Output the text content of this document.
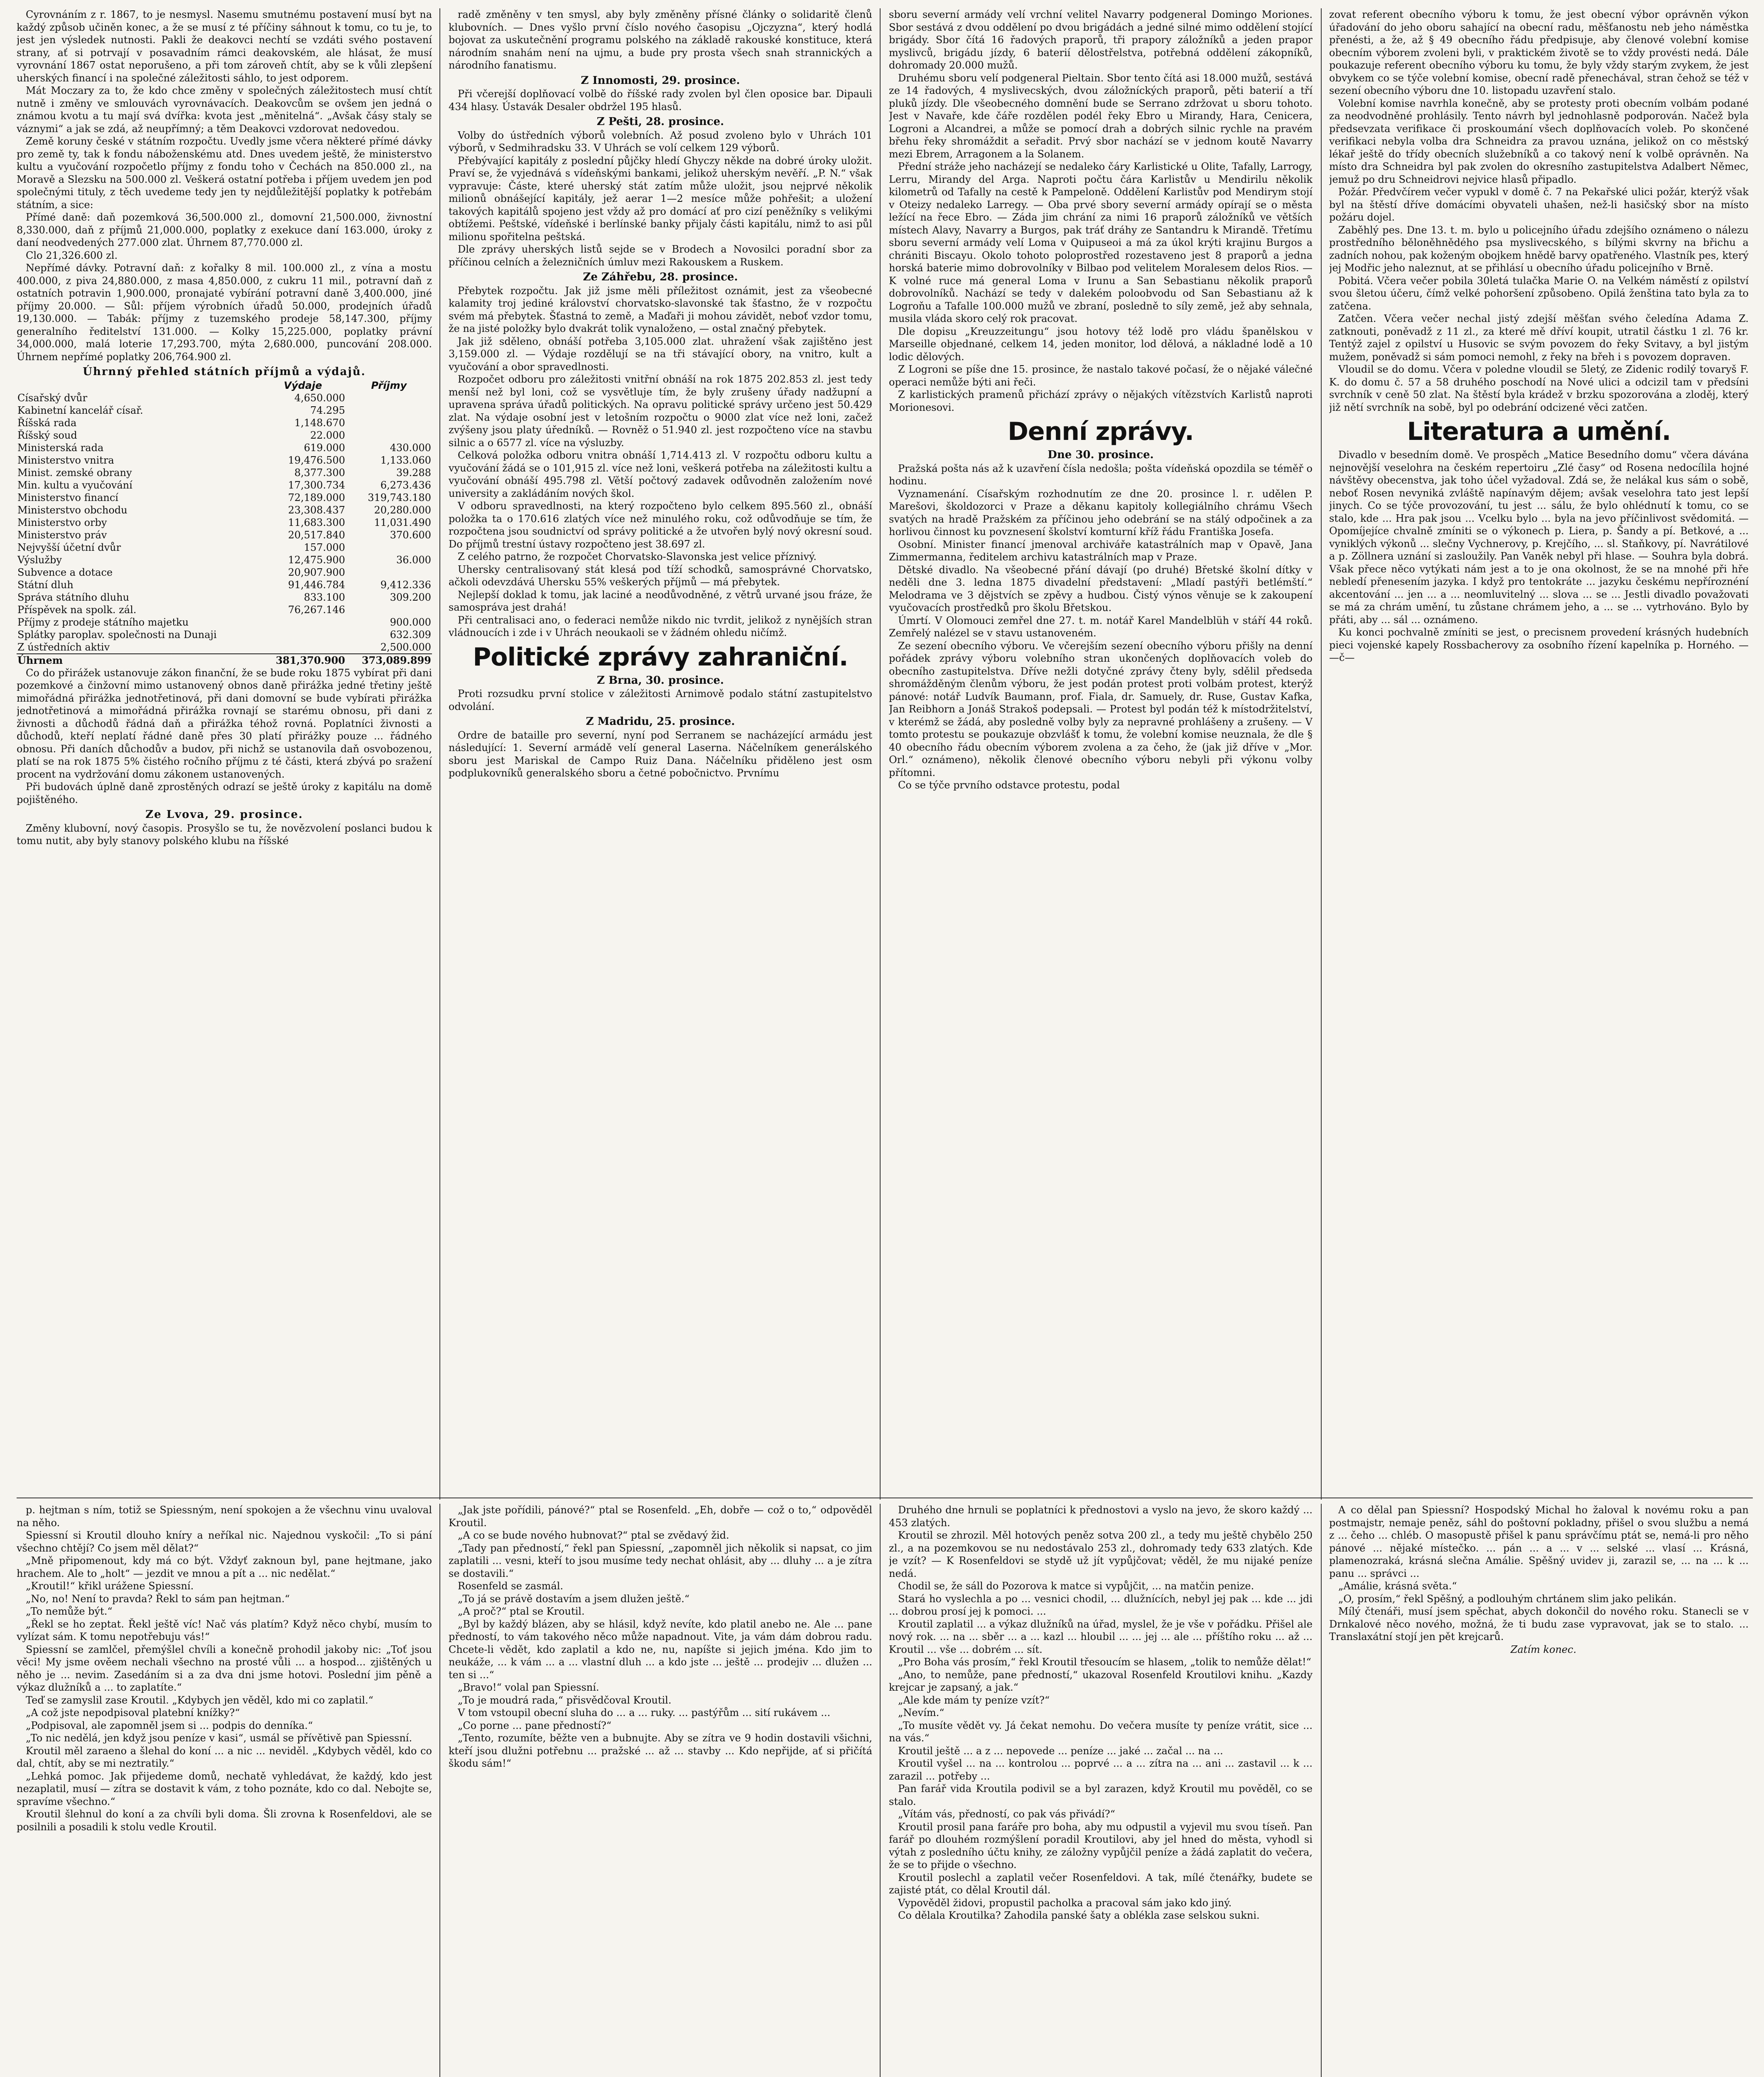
Cyrovnáním z r. 1867, to je nesmysl. Nasemu smutnému postavení musí byt na každý způsob učiněn konec, a že se musí z té příčiny sáhnout k tomu, co tu je, to jest jen výsledek nutnosti. Pakli že deakovci nechtí se vzdáti svého postavení strany, ať si potrvají v posavadním rámci deakovském, ale hlásat, že musí vyrovnání 1867 ostat neporušeno, a při tom zároveň chtít, aby se k vůli zlepšení uherských financí i na společné záležitosti sáhlo, to jest odporem.

Mát Moczary za to, že kdo chce změny v společných záležitostech musí chtít nutně i změny ve smlouvách vyrovnávacích. Deakovcům se ovšem jen jedná o známou kvotu a tu mají svá dvířka: kvota jest „měnitelná“. „Avšak čásy staly se váznymi“ a jak se zdá, až neupřímný; a těm Deakovci vzdorovat nedovedou.

Země koruny české v státním rozpočtu. Uvedly jsme včera některé přímé dávky pro země ty, tak k fondu náboženskému atd. Dnes uvedem ještě, že ministerstvo kultu a vyučování rozpočetlo příjmy z fondu toho v Čechách na 850.000 zl., na Moravě a Slezsku na 500.000 zl. Veškerá ostatní potřeba i příjem uvedem jen pod společnými tituly, z těch uvedeme tedy jen ty nejdůležitější poplatky k potřebám státním, a sice:

Přímé daně: daň pozemková 36,500.000 zl., domovní 21,500.000, živnostní 8,330.000, daň z příjmů 21,000.000, poplatky z exekuce daní 163.000, úroky z daní neodvedených 277.000 zlat. Úhrnem 87,770.000 zl.

Clo 21,326.600 zl.

Nepřímé dávky. Potravní daň: z kořalky 8 mil. 100.000 zl., z vína a mostu 400.000, z piva 24,880.000, z masa 4,850.000, z cukru 11 mil., potravní daň z ostatních potravin 1,900.000, pronajaté vybírání potravní daně 3,400.000, jiné příjmy 20.000. — Sůl: příjem výrobních úřadů 50.000, prodejních úřadů 19,130.000. — Tabák: příjmy z tuzemského prodeje 58,147.300, příjmy generalního ředitelství 131.000. — Kolky 15,225.000, poplatky právní 34,000.000, malá loterie 17,293.700, mýta 2,680.000, puncování 208.000. Úhrnem nepřímé poplatky 206,764.900 zl.

Úhrnný přehled státních příjmů a výdajů.
	Výdaje	Příjmy
Císařský dvůr	4,650.000	
Kabinetní kancelář císař.	74.295	
Říšská rada	1,148.670	
Říšský soud	22.000	
Ministerská rada	619.000	430.000
Ministerstvo vnitra	19,476.500	1,133.060
Minist. zemské obrany	8,377.300	39.288
Min. kultu a vyučování	17,300.734	6,273.436
Ministerstvo financí	72,189.000	319,743.180
Ministerstvo obchodu	23,308.437	20,280.000
Ministerstvo orby	11,683.300	11,031.490
Ministerstvo práv	20,517.840	370.600
Nejvyšší účetní dvůr	157.000	
Výslužby	12,475.900	36.000
Subvence a dotace	20,907.900	
Státní dluh	91,446.784	9,412.336
Správa státního dluhu	833.100	309.200
Příspěvek na spolk. zál.	76,267.146	
Příjmy z prodeje státního majetku		900.000
Splátky paroplav. společnosti na Dunaji		632.309
Z ústředních aktiv		2,500.000
Úhrnem	381,370.900	373,089.899

Co do přirážek ustanovuje zákon finanční, že se bude roku 1875 vybírat při dani pozemkové a činžovní mimo ustanovený obnos daně přirážka jedné třetiny ještě mimořádná přirážka jednotřetinová, při dani domovní se bude vybírati přirážka jednotřetinová a mimořádná přirážka rovnají se starému obnosu, při dani z živnosti a důchodů řádná daň a přirážka téhož rovná. Poplatníci živnosti a důchodů, kteří neplatí řádné daně přes 30 platí přirážky pouze ... řádného obnosu. Při daních důchodův a budov, při nichž se ustanovila daň osvobozenou, platí se na rok 1875 5% čistého ročního příjmu z té části, která zbývá po sražení procent na vydržování domu zákonem ustanovených.

Při budovách úplně daně zprostěných odrazí se ještě úroky z kapitálu na domě pojištěného.

Ze Lvova, 29. prosince.

Změny klubovní, nový časopis. Prosyšlo se tu, že novězvolení poslanci budou k tomu nutit, aby byly stanovy polského klubu na říšské

radě změněny v ten smysl, aby byly změněny přísné články o solidaritě členů klubovních. — Dnes vyšlo první číslo nového časopisu „Ojczyzna“, který hodlá bojovat za uskutečnění programu polského na základě rakouské konstituce, která národním snahám není na ujmu, a bude pry prosta všech snah strannických a národního fanatismu.

Z Innomosti, 29. prosince.

Při včerejší doplňovací volbě do říšské rady zvolen byl člen oposice bar. Dipauli 434 hlasy. Ústavák Desaler obdržel 195 hlasů.

Z Pešti, 28. prosince.

Volby do ústředních výborů volebních. Až posud zvoleno bylo v Uhrách 101 výborů, v Sedmihradsku 33. V Uhrách se volí celkem 129 výborů.

Přebývající kapitály z poslední půjčky hledí Ghyczy někde na dobré úroky uložit. Praví se, že vyjednává s vídeňskými bankami, jelikož uherským nevěří. „P. N.“ však vypravuje: Částe, které uherský stát zatím může uložit, jsou nejprvé několik milionů obnášející kapitály, jež aerar 1—2 mesíce může pohřešit; a uložení takových kapitálů spojeno jest vždy až pro domácí ať pro cizí peněžníky s velikými obtížemi. Peštské, vídeňské i berlínské banky přijaly části kapitálu, nimž to asi půl milionu spořitelna peštská.

Dle zprávy uherských listů sejde se v Brodech a Novosilci poradní sbor za příčinou celních a železničních úmluv mezi Rakouskem a Ruskem.

Ze Záhřebu, 28. prosince.

Přebytek rozpočtu. Jak již jsme měli příležitost oznámit, jest za všeobecné kalamity troj jediné království chorvatsko-slavonské tak šťastno, že v rozpočtu svém má přebytek. Šťastná to země, a Maďaři ji mohou závidět, neboť vzdor tomu, že na jisté položky bylo dvakrát tolik vynaloženo, — ostal značný přebytek.

Jak již sděleno, obnáší potřeba 3,105.000 zlat. uhražení však zajištěno jest 3,159.000 zl. — Výdaje rozdělují se na tři stávající obory, na vnitro, kult a vyučování a obor spravedlnosti.

Rozpočet odboru pro záležitosti vnitřní obnáší na rok 1875 202.853 zl. jest tedy menší než byl loni, což se vysvětluje tím, že byly zrušeny úřady nadžupní a upravena správa úřadů politických. Na opravu politické správy určeno jest 50.429 zlat. Na výdaje osobní jest v letošním rozpočtu o 9000 zlat více než loni, začež zvýšeny jsou platy úředníků. — Rovněž o 51.940 zl. jest rozpočteno více na stavbu silnic a o 6577 zl. více na výsluzby.

Celková položka odboru vnitra obnáší 1,714.413 zl. V rozpočtu odboru kultu a vyučování žádá se o 101,915 zl. více než loni, veškerá potřeba na záležitosti kultu a vyučování obnáší 495.798 zl. Větší počtový zadavek odůvodněn založením nové university a zakládáním nových škol.

V odboru spravedlnosti, na který rozpočteno bylo celkem 895.560 zl., obnáší položka ta o 170.616 zlatých více než minulého roku, což odůvodňuje se tím, že rozpočtena jsou soudnictví od správy politické a že utvořen bylý nový okresní soud. Do příjmů trestní ústavy rozpočteno jest 38.697 zl.

Z celého patrno, že rozpočet Chorvatsko-Slavonska jest velice příznivý.

Uhersky centralisovaný stát klesá pod tíží schodků, samosprávné Chorvatsko, ačkoli odevzdává Uhersku 55% veškerých příjmů — má přebytek.

Nejlepší doklad k tomu, jak laciné a neodůvodněné, z větrů urvané jsou fráze, že samospráva jest drahá!

Při centralisaci ano, o federaci nemůže nikdo nic tvrdit, jelikož z nynějších stran vládnoucích i zde i v Uhrách neoukaoli se v žádném ohledu ničímž.

Politické zprávy zahraniční.
Z Brna, 30. prosince.

Proti rozsudku první stolice v záležitosti Arnimově podalo státní zastupitelstvo odvolání.

Z Madridu, 25. prosince.

Ordre de bataille pro severní, nyní pod Serranem se nacházející armádu jest následující: 1. Severní armádě velí general Laserna. Náčelníkem generálského sboru jest Mariskal de Campo Ruiz Dana. Náčelníku přiděleno jest osm podplukovníků generalského sboru a četné pobočnictvo. Prvnímu

sboru severní armády velí vrchní velitel Navarry podgeneral Domingo Moriones. Sbor sestává z dvou oddělení po dvou brigádách a jedné silné mimo oddělení stojící brigády. Sbor čítá 16 řadových praporů, tři prapory záložníků a jeden prapor myslivců, brigádu jízdy, 6 baterií dělostřelstva, potřebná oddělení zákopníků, dohromady 20.000 mužů.

Druhému sboru velí podgeneral Pieltain. Sbor tento čítá asi 18.000 mužů, sestává ze 14 řadových, 4 myslivecských, dvou záložníckých praporů, pěti baterií a tří pluků jízdy. Dle všeobecného domnění bude se Serrano zdržovat u sboru tohoto. Jest v Navaře, kde čáře rozdělen podél řeky Ebro u Mirandy, Hara, Cenicera, Logroni a Alcandrei, a může se pomocí drah a dobrých silnic rychle na pravém břehu řeky shromáždit a seřadit. Prvý sbor nachází se v jednom koutě Navarry mezi Ebrem, Arragonem a la Solanem.

Přední stráže jeho nacházejí se nedaleko čáry Karlistické u Olite, Tafally, Larrogy, Lerru, Mirandy del Arga. Naproti počtu čára Karlistův u Mendirilu několik kilometrů od Tafally na cestě k Pampeloně. Oddělení Karlistův pod Mendirym stojí v Oteizy nedaleko Larregy. — Oba prvé sbory severní armády opírají se o města ležící na řece Ebro. — Záda jim chrání za nimi 16 praporů záložníků ve větších místech Alavy, Navarry a Burgos, pak tráť dráhy ze Santandru k Mirandě. Třetímu sboru severní armády velí Loma v Quipuseoi a má za úkol krýti krajinu Burgos a chrániti Biscayu. Okolo tohoto poloprostřed rozestaveno jest 8 praporů a jedna horská baterie mimo dobrovolníky v Bilbao pod velitelem Moralesem delos Rios. — K volné ruce má general Loma v Irunu a San Sebastianu několik praporů dobrovolníků. Nachází se tedy v dalekém poloobvodu od San Sebastianu až k Logroňu a Tafalle 100.000 mužů ve zbraní, posledně to síly země, jež aby sehnala, musila vláda skoro celý rok pracovat.

Dle dopisu „Kreuzzeitungu“ jsou hotovy též lodě pro vládu španělskou v Marseille objednané, celkem 14, jeden monitor, lod dělová, a nákladné lodě a 10 lodic dělových.

Z Logroni se píše dne 15. prosince, že nastalo takové počasí, že o nějaké válečné operaci nemůže býti ani řeči.

Z karlistických pramenů přichází zprávy o nějakých vítězstvích Karlistů naproti Morionesovi.

Denní zprávy.
Dne 30. prosince.

Pražská pošta nás až k uzavření čísla nedošla; pošta vídeňská opozdila se téměř o hodinu.

Vyznamenání. Císařským rozhodnutím ze dne 20. prosince l. r. udělen P. Marešovi, školdozorci v Praze a děkanu kapitoly kollegiálního chrámu Všech svatých na hradě Pražském za příčinou jeho odebrání se na stálý odpočinek a za horlivou činnost ku povznesení školství komturní kříž řádu Františka Josefa.

Osobní. Minister financí jmenoval archiváře katastrálních map v Opavě, Jana Zimmermanna, ředitelem archivu katastrálních map v Praze.

Dětské divadlo. Na všeobecné přání dávají (po druhé) Břetské školní dítky v neděli dne 3. ledna 1875 divadelní představení: „Mladí pastýři betlémští.“ Melodrama ve 3 dějstvích se zpěvy a hudbou. Čistý výnos věnuje se k zakoupení vyučovacích prostředků pro školu Břetskou.

Úmrtí. V Olomouci zemřel dne 27. t. m. notář Karel Mandelblüh v stáří 44 roků. Zemřelý nalézel se v stavu ustanoveném.

Ze sezení obecního výboru. Ve včerejším sezení obecního výboru přišly na denní pořádek zprávy výboru volebního stran ukončených doplňovacích voleb do obecního zastupitelstva. Dříve nežli dotyčné zprávy čteny byly, sdělil předseda shromážděným členům výboru, že jest podán protest proti volbám protest, kterýž pánové: notář Ludvík Baumann, prof. Fiala, dr. Samuely, dr. Ruse, Gustav Kafka, Jan Reibhorn a Jonáš Strakoš podepsali. — Protest byl podán též k místodržitelství, v kterémž se žádá, aby posledně volby byly za nepravné prohlášeny a zrušeny. — V tomto protestu se poukazuje obzvlášť k tomu, že volební komise neuznala, že dle § 40 obecního řádu obecním výborem zvolena a za čeho, že (jak již dříve v „Mor. Orl.“ oznámeno), několik členové obecního výboru nebyli při výkonu volby přítomni.

Co se týče prvního odstavce protestu, podal

zovat referent obecního výboru k tomu, že jest obecní výbor oprávněn výkon úřadování do jeho oboru sahající na obecní radu, měšťanostu neb jeho náměstka přenésti, a že, až § 49 obecního řádu předpisuje, aby členové volební komise obecním výborem zvoleni byli, v praktickém životě se to vždy provésti nedá. Dále poukazuje referent obecního výboru ku tomu, že byly vždy starým zvykem, že jest obvykem co se týče volební komise, obecní radě přenechával, stran čehož se též v sezení obecního výboru dne 10. listopadu uzavření stalo.

Volební komise navrhla konečně, aby se protesty proti obecním volbám podané za neodvodněné prohlásily. Tento návrh byl jednohlasně podporován. Načež byla předsevzata verifikace či proskoumání všech doplňovacích voleb. Po skončené verifikaci nebyla volba dra Schneidra za pravou uznána, jelikož on co městský lékař ještě do třídy obecních služebníků a co takový není k volbě oprávněn. Na místo dra Schneidra byl pak zvolen do okresního zastupitelstva Adalbert Němec, jemuž po dru Schneidrovi nejvice hlasů připadlo.

Požár. Předvčírem večer vypukl v domě č. 7 na Pekařské ulici požár, kterýž však byl na štěstí dříve domácími obyvateli uhašen, než-li hasičský sbor na místo požáru dojel.

Zaběhlý pes. Dne 13. t. m. bylo u policejního úřadu zdejšího oznámeno o nálezu prostředního běloněhnědého psa myslivecského, s bílými skvrny na břichu a zadních nohou, pak koženým obojkem hnědě barvy opatřeného. Vlastník pes, který jej Modřic jeho naleznut, at se přihlásí u obecního úřadu policejního v Brně.

Pobitá. Včera večer pobila 30letá tulačka Marie O. na Velkém náměstí z opilství svou šletou účeru, čímž velké pohoršení způsobeno. Opilá ženština tato byla za to zatčena.

Zatčen. Včera večer nechal jistý zdejší měšťan svého čeledína Adama Z. zatknouti, poněvadž z 11 zl., za které mě dříví koupit, utratil částku 1 zl. 76 kr. Tentýž zajel z opilství u Husovic se svým povozem do řeky Svitavy, a byl jistým mužem, poněvadž si sám pomoci nemohl, z řeky na břeh i s povozem dopraven.

Vloudil se do domu. Včera v poledne vloudil se 5letý, ze Zidenic rodilý tovaryš F. K. do domu č. 57 a 58 druhého poschodí na Nové ulici a odcizil tam v předsíni svrchník v ceně 50 zlat. Na štěstí byla krádež v brzku spozorována a zloděj, který již nětí svrchník na sobě, byl po odebrání odcizené věci zatčen.

Literatura a umění.

Divadlo v besedním domě. Ve prospěch „Matice Besedního domu“ včera dávána nejnovější veselohra na českém repertoiru „Zlé časy“ od Rosena nedocílila hojné návštěvy obecenstva, jak toho účel vyžadoval. Zdá se, že nelákal kus sám o sobě, neboť Rosen nevyniká zvláště napínavým dějem; avšak veselohra tato jest lepší jinych. Co se týče provozování, tu jest ... sálu, že bylo ohlédnutí k tomu, co se stalo, kde ... Hra pak jsou ... Vcelku bylo ... byla na jevo příčinlivost svědomitá. — Opomíjejíce chvalně zmíniti se o výkonech p. Liera, p. Šandy a pí. Betkové, a ... vyniklých výkonů ... slečny Vychnerovy, p. Krejčího, ... sl. Staňkovy, pí. Navrátilové a p. Zöllnera uznání si zasloužily. Pan Vaněk nebyl při hlase. — Souhra byla dobrá. Však přece něco vytýkati nám jest a to je ona okolnost, že se na mnohé při hře nebledí přenesením jazyka. I když pro tentokráte ... jazyku českému nepříroznéní akcentování ... jen ... a ... neomluvitelný ... slova ... se ... Jestli divadlo považovati se má za chrám umění, tu zůstane chrámem jeho, a ... se ... vytrhováno. Bylo by přáti, aby ... sál ... oznámeno.

Ku konci pochvalně zmíniti se jest, o precisnem provedení krásných hudebních pieci vojenské kapely Rossbacherovy za osobního řízení kapelníka p. Horného. — —č—

p. hejtman s ním, totiž se Spiessným, není spokojen a že všechnu vinu uvaloval na něho.

Spiessní si Kroutil dlouho kníry a neříkal nic. Najednou vyskočil: „To si pání všechno chtějí? Co jsem měl dělat?“

„Mně připomenout, kdy má co být. Vždyť zaknoun byl, pane hejtmane, jako hrachem. Ale to „holt“ — jezdit ve mnou a pít a ... nic nedělat.“

„Kroutil!“ křikl urážene Spiessní.

„No, no! Není to pravda? Řekl to sám pan hejtman.“

„To nemůže být.“

„Řekl se ho zeptat. Řekl ještě víc! Nač vás platím? Když něco chybí, musím to vylízat sám. K tomu nepotřebuju vás!“

Spiessní se zamlčel, přemýšlel chvíli a konečně prohodil jakoby nic: „Toť jsou věci! My jsme ověem nechali všechno na prosté vůli ... a hospod... zjištěných u něho je ... nevim. Zasedáním si a za dva dni jsme hotovi. Poslední jim pěně a výkaz dlužníků a ... to zaplatíte.“

Teď se zamyslil zase Kroutil. „Kdybych jen věděl, kdo mi co zaplatil.“

„A což jste nepodpisoval platební knížky?“

„Podpisoval, ale zapomněl jsem si ... podpis do denníka.“

„To nic nedělá, jen když jsou peníze v kasi“, usmál se přívětivě pan Spiessní.

Kroutil měl zaraeno a šlehal do koní ... a nic ... neviděl. „Kdybych věděl, kdo co dal, chtít, aby se mi neztratily.“

„Lehká pomoc. Jak přijedeme domů, nechatě vyhledávat, že každý, kdo jest nezaplatil, musí — zítra se dostavit k vám, z toho poznáte, kdo co dal. Nebojte se, spravíme všechno.“

Kroutil šlehnul do koní a za chvíli byli doma. Šli zrovna k Rosenfeldovi, ale se posilnili a posadili k stolu vedle Kroutil.

„Jak jste pořídili, pánové?“ ptal se Rosenfeld. „Eh, dobře — což o to,“ odpověděl Kroutil.

„A co se bude nového hubnovat?“ ptal se zvědavý žid.

„Tady pan předností,“ řekl pan Spiessní, „zapomněl jich několik si napsat, co jim zaplatili ... vesni, kteří to jsou musíme tedy nechat ohlásit, aby ... dluhy ... a je zítra se dostavili.“

Rosenfeld se zasmál.

„To já se právě dostavím a jsem dlužen ještě.“

„A proč?“ ptal se Kroutil.

„Byl by každý blázen, aby se hlásil, když nevíte, kdo platil anebo ne. Ale ... pane předností, to vám takového něco může napadnout. Vite, ja vám dám dobrou radu. Chcete-li vědět, kdo zaplatil a kdo ne, nu, napíšte si jejich jména. Kdo jim to neukáže, ... k vám ... a ... vlastní dluh ... a kdo jste ... ještě ... prodejiv ... dlužen ... ten si ...“

„Bravo!“ volal pan Spiessní.

„To je moudrá rada,“ přisvědčoval Kroutil.

V tom vstoupil obecní sluha do ... a ... ruky. ... pastýřům ... sití rukávem ...

„Co porne ... pane předností?“

„Tento, rozumíte, běžte ven a bubnujte. Aby se zítra ve 9 hodin dostavili všichni, kteří jsou dlužni potřebnu ... pražské ... až ... stavby ... Kdo nepřijde, ať si přičítá škodu sám!“

Druhého dne hrnuli se poplatníci k přednostovi a vyslo na jevo, že skoro každý ... 453 zlatých.

Kroutil se zhrozil. Měl hotových peněz sotva 200 zl., a tedy mu ještě chybělo 250 zl., a na pozemkovou se nu nedostávalo 253 zl., dohromady tedy 633 zlatých. Kde je vzít? — K Rosenfeldovi se stydě už jít vypůjčovat; věděl, že mu nijaké peníze nedá.

Chodil se, že sáll do Pozorova k matce si vypůjčit, ... na matčin penize.

Stará ho vyslechla a po ... vesnici chodil, ... dlužnících, nebyl jej pak ... kde ... jdi ... dobrou prosí jej k pomoci. ...

Kroutil zaplatil ... a výkaz dlužníků na úřad, myslel, že je vše v pořádku. Přišel ale nový rok. ... na ... sběr ... a ... kazl ... hloubil ... ... jej ... ale ... příštího roku ... až ... Kroutil ... vše ... dobrém ... sít.

„Pro Boha vás prosím,“ řekl Kroutil třesoucím se hlasem, „tolik to nemůže dělat!“

„Ano, to nemůže, pane předností,“ ukazoval Rosenfeld Kroutilovi knihu. „Kazdy krejcar je zapsaný, a jak.“

„Ale kde mám ty peníze vzít?“

„Nevím.“

„To musíte vědět vy. Já čekat nemohu. Do večera musíte ty peníze vrátit, sice ... na vás.“

Kroutil ještě ... a z ... nepovede ... peníze ... jaké ... začal ... na ...

Kroutil vyšel ... na ... kontrolou ... poprvé ... a ... zítra na ... ani ... zastavil ... k ... zarazil ... potřeby ...

Pan farář vida Kroutila podivil se a byl zarazen, když Kroutil mu pověděl, co se stalo.

„Vítám vás, předností, co pak vás přivádí?“

Kroutil prosil pana faráře pro boha, aby mu odpustil a vyjevil mu svou tíseň. Pan farář po dlouhém rozmýšlení poradil Kroutilovi, aby jel hned do města, vyhodl si výtah z posledního účtu knihy, ze záložny vypůjčil peníze a žádá zaplatit do večera, že se to přijde o všechno.

Kroutil poslechl a zaplatil večer Rosenfeldovi. A tak, mílé čtenářky, budete se zajisté ptát, co dělal Kroutil dál.

Vypověděl židovi, propustil pacholka a pracoval sám jako kdo jiný.

Co dělala Kroutilka? Zahodila panské šaty a oblékla zase selskou sukni.

A co dělal pan Spiessní? Hospodský Michal ho žaloval k novému roku a pan postmajstr, nemaje peněz, sáhl do poštovní pokladny, přišel o svou službu a nemá z ... čeho ... chléb. O masopustě přišel k panu správčímu ptát se, nemá-li pro něho pánové ... nějaké místečko. ... pán ... a ... v ... selské ... vlasí ... Krásná, plamenozraká, krásná slečna Amálie. Spěšný uvidev ji, zarazil se, ... na ... k ... panu ... správci ...

„Amálie, krásná světa.“

„O, prosím,“ řekl Spěšný, a podlouhým chrtánem slim jako pelikán.

Mílý čtenáři, musí jsem spěchat, abych dokončil do nového roku. Stanecli se v Drnkalové něco nového, možná, že ti budu zase vypravovat, jak se to stalo. ... Translaxátní stojí jen pět krejcarů.

Zatím konec.
